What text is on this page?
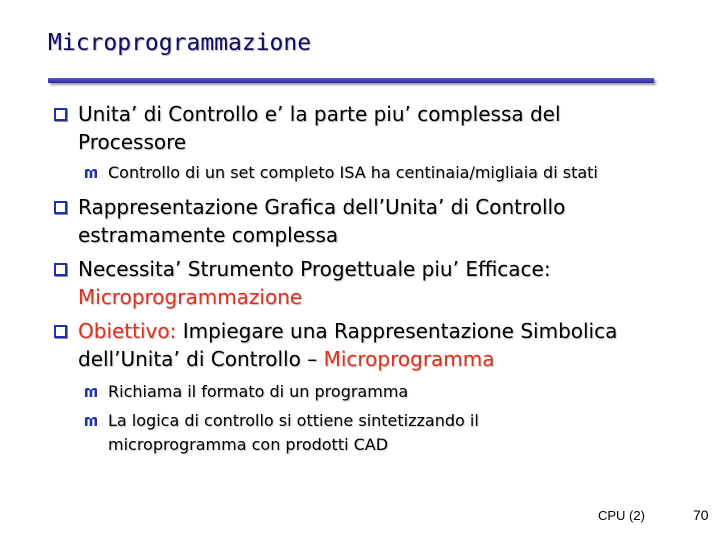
Microprogrammazione
Unita’ di Controllo e’ la parte piu’ complessa del
Processore
Controllo di un set completo ISA ha centinaia/migliaia di stati
Rappresentazione Grafica dell’Unita’ di Controllo
estramamente complessa
Necessita’ Strumento Progettuale piu’ Efficace:
Microprogrammazione
Obiettivo: Impiegare una Rappresentazione Simbolica
dell’Unita’ di Controllo – Microprogramma
Richiama il formato di un programma
La logica di controllo si ottiene sintetizzando il
microprogramma con prodotti CAD
CPU (2)	70
